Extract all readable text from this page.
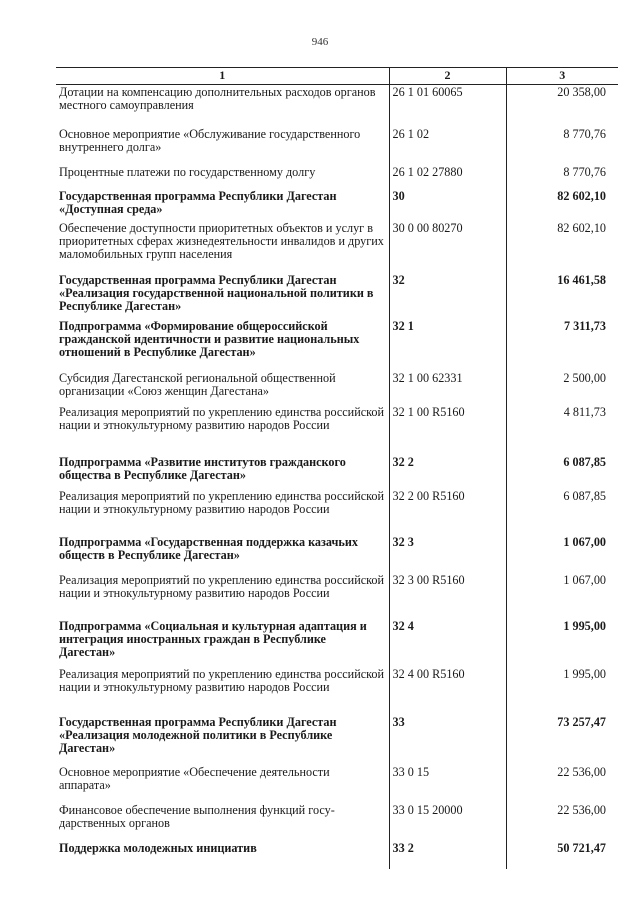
946
1	2	3
Дотации на компенсацию дополнительных расходов органов местного самоуправления	26 1 01 60065	20 358,00
Основное мероприятие «Обслуживание государственного внутреннего долга»	26 1 02	8 770,76
Процентные платежи по государственному долгу	26 1 02 27880	8 770,76
Государственная программа Республики Дагестан «Доступная среда»	30	82 602,10
Обеспечение доступности приоритетных объектов и услуг в приоритетных сферах жизнедеятельности инвалидов и других маломобильных групп населения	30 0 00 80270	82 602,10
Государственная программа Республики Дагестан «Реализация государственной национальной политики в Республике Дагестан»	32	16 461,58
Подпрограмма «Формирование общероссийской гражданской идентичности и развитие национальных отношений в Республике Дагестан»	32 1	7 311,73
Субсидия Дагестанской региональной общественной организации «Союз женщин Дагестана»	32 1 00 62331	2 500,00
Реализация мероприятий по укреплению единства российской нации и этнокультурному развитию народов России	32 1 00 R5160	4 811,73
Подпрограмма «Развитие институтов гражданского общества в Республике Дагестан»	32 2	6 087,85
Реализация мероприятий по укреплению единства российской нации и этнокультурному развитию народов России	32 2 00 R5160	6 087,85
Подпрограмма «Государственная поддержка казачьих обществ в Республике Дагестан»	32 3	1 067,00
Реализация мероприятий по укреплению единства российской нации и этнокультурному развитию народов России	32 3 00 R5160	1 067,00
Подпрограмма «Социальная и культурная адаптация и интеграция иностранных граждан в Республике Дагестан»	32 4	1 995,00
Реализация мероприятий по укреплению единства российской нации и этнокультурному развитию народов России	32 4 00 R5160	1 995,00
Государственная программа Республики Дагестан «Реализация молодежной политики в Республике Дагестан»	33	73 257,47
Основное мероприятие «Обеспечение деятельности аппарата»	33 0 15	22 536,00
Финансовое обеспечение выполнения функций государственных органов	33 0 15 20000	22 536,00
Поддержка молодежных инициатив	33 2	50 721,47
